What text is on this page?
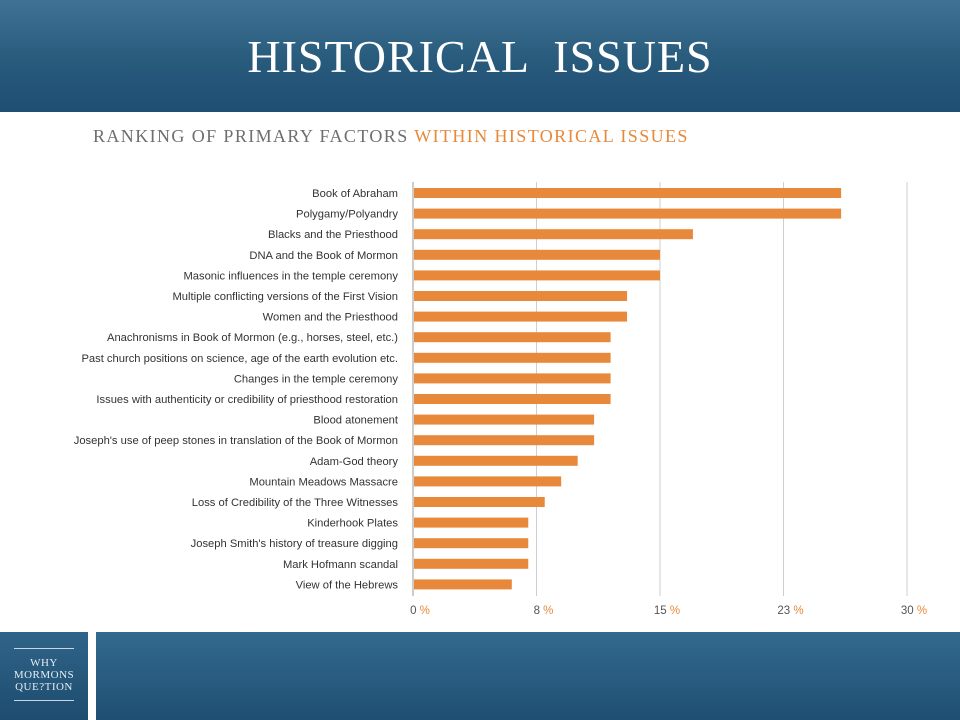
HISTORICAL  ISSUES
RANKING OF PRIMARY FACTORS WITHIN HISTORICAL ISSUES
Book of Abraham
Polygamy/Polyandry
Blacks and the Priesthood
DNA and the Book of Mormon
Masonic influences in the temple ceremony
Multiple conflicting versions of the First Vision
Women and the Priesthood
Anachronisms in Book of Mormon (e.g., horses, steel, etc.)
Past church positions on science, age of the earth evolution etc.
Changes in the temple ceremony
Issues with authenticity or credibility of priesthood restoration
Blood atonement
Joseph's use of peep stones in translation of the Book of Mormon
Adam-God theory
Mountain Meadows Massacre
Loss of Credibility of the Three Witnesses
Kinderhook Plates
Joseph Smith's history of treasure digging
Mark Hofmann scandal
View of the Hebrews
0 %	8 %	15 %	23 %	30 %
WHY
MORMONS
QUE?TION
